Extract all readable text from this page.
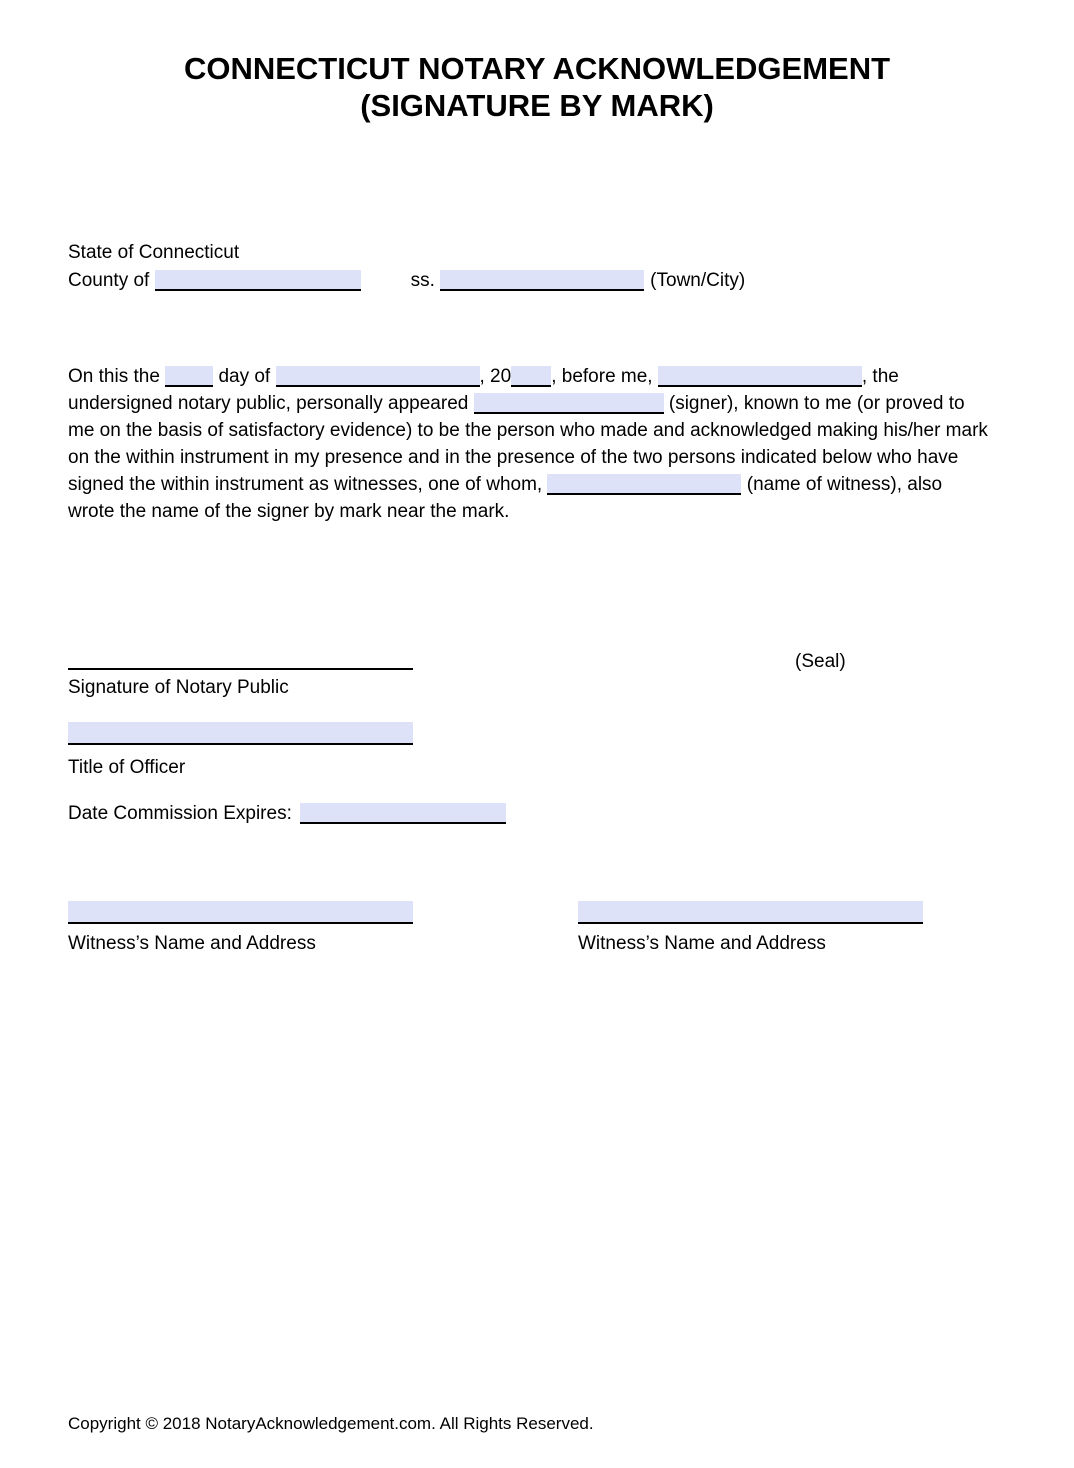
CONNECTICUT NOTARY ACKNOWLEDGEMENT
(SIGNATURE BY MARK)
State of Connecticut
County of	ss.	(Town/City)

On this the	day of	, 20 , before me,	, the undersigned notary public, personally appeared	(signer), known to me (or proved to me on the basis of satisfactory evidence) to be the person who made and acknowledged making his/her mark on the within instrument in my presence and in the presence of the two persons indicated below who have signed the within instrument as witnesses, one of whom,	(name of witness), also wrote the name of the signer by mark near the mark.

(Seal)
Signature of Notary Public
Title of Officer
Date Commission Expires:
Witness’s Name and Address	Witness’s Name and Address
Copyright © 2018 NotaryAcknowledgement.com. All Rights Reserved.
